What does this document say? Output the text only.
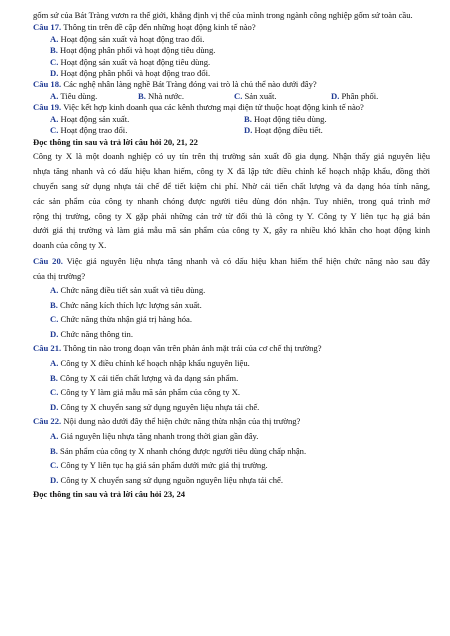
gốm sứ của Bát Tràng vươn ra thế giới, khẳng định vị thế của mình trong ngành công nghiệp gốm sứ toàn cầu.

Câu 17. Thông tin trên đề cập đến những hoạt động kinh tế nào?

A. Hoạt động sản xuất và hoạt động trao đổi.

B. Hoạt động phân phối và hoạt động tiêu dùng.

C. Hoạt động sản xuất và hoạt động tiêu dùng.

D. Hoạt động phân phối và hoạt động trao đổi.

Câu 18. Các nghệ nhân làng nghề Bát Tràng đóng vai trò là chủ thể nào dưới đây?

A. Tiêu dùng.	B. Nhà nước.	C. Sản xuất.	D. Phân phối.

Câu 19. Việc kết hợp kinh doanh qua các kênh thương mại điện tử thuộc hoạt động kinh tế nào?

A. Hoạt động sản xuất.	B. Hoạt động tiêu dùng.
C. Hoạt động trao đổi.	D. Hoạt động điều tiết.

Đọc thông tin sau và trả lời câu hỏi 20, 21, 22

Công ty X là một doanh nghiệp có uy tín trên thị trường sản xuất đồ gia dụng. Nhận thấy giá nguyên liệu

nhựa tăng nhanh và có dấu hiệu khan hiếm, công ty X đã lập tức điều chỉnh kế hoạch nhập khẩu, đồng thời

chuyển sang sử dụng nhựa tái chế để tiết kiệm chi phí. Nhờ cải tiến chất lượng và đa dạng hóa tính năng,

các sản phẩm của công ty nhanh chóng được người tiêu dùng đón nhận. Tuy nhiên, trong quá trình mở

rộng thị trường, công ty X gặp phải những cản trở từ đối thủ là công ty Y. Công ty Y liên tục hạ giá bán

dưới giá thị trường và làm giả mẫu mã sản phẩm của công ty X, gây ra nhiều khó khăn cho hoạt động kinh

doanh của công ty X.

Câu 20. Việc giá nguyên liệu nhựa tăng nhanh và có dấu hiệu khan hiếm thể hiện chức năng nào sau đây

của thị trường?

A. Chức năng điều tiết sản xuất và tiêu dùng.

B. Chức năng kích thích lực lượng sản xuất.

C. Chức năng thừa nhận giá trị hàng hóa.

D. Chức năng thông tin.

Câu 21. Thông tin nào trong đoạn văn trên phản ánh mặt trái của cơ chế thị trường?

A. Công ty X điều chỉnh kế hoạch nhập khẩu nguyên liệu.

B. Công ty X cải tiến chất lượng và đa dạng sản phẩm.

C. Công ty Y làm giả mẫu mã sản phẩm của công ty X.

D. Công ty X chuyển sang sử dụng nguyên liệu nhựa tái chế.

Câu 22. Nội dung nào dưới đây thể hiện chức năng thừa nhận của thị trường?

A. Giá nguyên liệu nhựa tăng nhanh trong thời gian gần đây.

B. Sản phẩm của công ty X nhanh chóng được người tiêu dùng chấp nhận.

C. Công ty Y liên tục hạ giá sản phẩm dưới mức giá thị trường.

D. Công ty X chuyển sang sử dụng nguồn nguyên liệu nhựa tái chế.

Đọc thông tin sau và trả lời câu hỏi 23, 24
